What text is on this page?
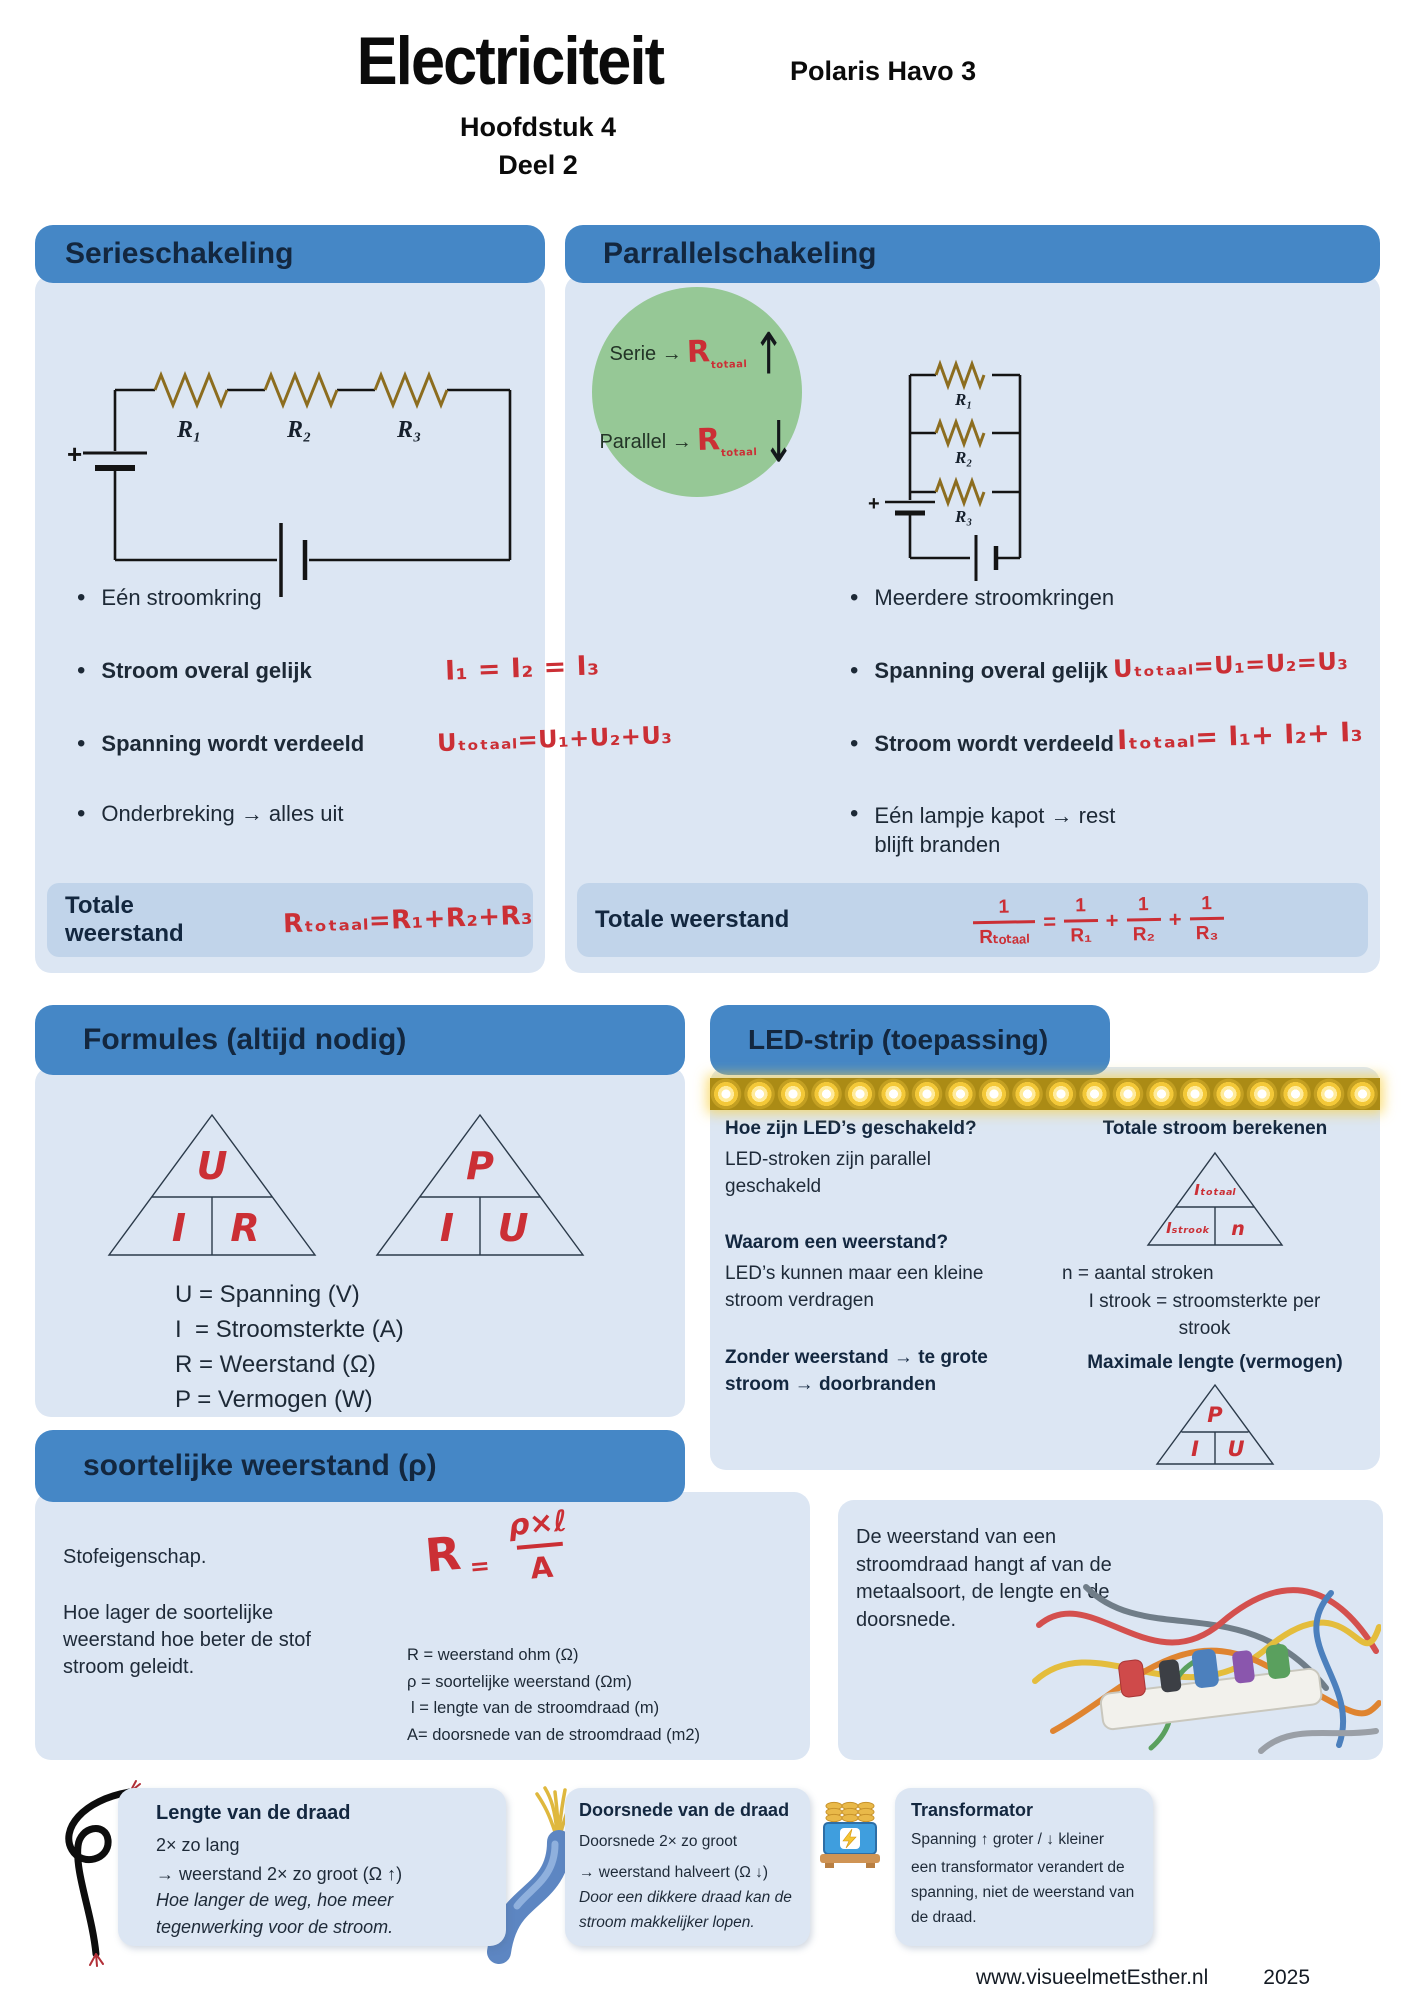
Electriciteit	Polaris Havo 3
Hoofdstuk 4
Deel 2
Serieschakeling
R₁	R₂	R₃
+
• Eén stroomkring
• Stroom overal gelijk
• Spanning wordt verdeeld
• Onderbreking → alles uit
I₁ = I₂ = I₃
Uₜₒₜₐₐₗ=U₁+U₂+U₃
Totale weerstand	Rₜₒₜₐₐₗ=R₁+R₂+R₃
Parrallelschakeling
R₁
R₂
R₃
+
• Meerdere stroomkringen
• Spanning overal gelijk
• Stroom wordt verdeeld
• Eén lampje kapot → rest blijft branden
Uₜₒₜₐₐₗ=U₁=U₂=U₃
Iₜₒₜₐₐₗ= I₁+ I₂+ I₃
Totale weerstand	$\frac{1}{\text{Rₜₒₜₐₐₗ}} = \frac{1}{\text{R₁}} + \frac{1}{\text{R₂}} + \frac{1}{\text{R₃}}$
Serie → $R_{totaal}$ ↑
Parallel → $R_{totaal}$ ↓
Formules (altijd nodig)
U
I R
P
I U
U = Spanning (V)
I  = Stroomsterkte (A)
R = Weerstand (Ω)
P = Vermogen (W)
LED-strip (toepassing)
Hoe zijn LED’s geschakeld?
LED-stroken zijn parallel geschakeld
Waarom een weerstand?
LED’s kunnen maar een kleine stroom verdragen
Zonder weerstand → te grote stroom → doorbranden
Totale stroom berekenen
Iₜₒₜₐₐₗ
Iₛₜᵣₒₒₖ n
n = aantal stroken
I strook = stroomsterkte per strook
Maximale lengte (vermogen)
P
I U
soortelijke weerstand (ρ)
Stofeigenschap.
Hoe lager de soortelijke weerstand hoe beter de stof stroom geleidt.
$R = \frac{\text{ρ×ℓ}}{A}$
R = weerstand ohm (Ω)
ρ = soortelijke weerstand (Ωm)
l = lengte van de stroomdraad (m)
A= doorsnede van de stroomdraad (m2)
De weerstand van een stroomdraad hangt af van de metaalsoort, de lengte en de doorsnede.
Lengte van de draad
2× zo lang
→ weerstand 2× zo groot (Ω ↑)
Hoe langer de weg, hoe meer tegenwerking voor de stroom.
Doorsnede van de draad
Doorsnede 2× zo groot
→ weerstand halveert (Ω ↓)
Door een dikkere draad kan de stroom makkelijker lopen.
Transformator
Spanning ↑ groter / ↓ kleiner
een transformator verandert de spanning, niet de weerstand van de draad.
www.visueelmetEsther.nl	2025
